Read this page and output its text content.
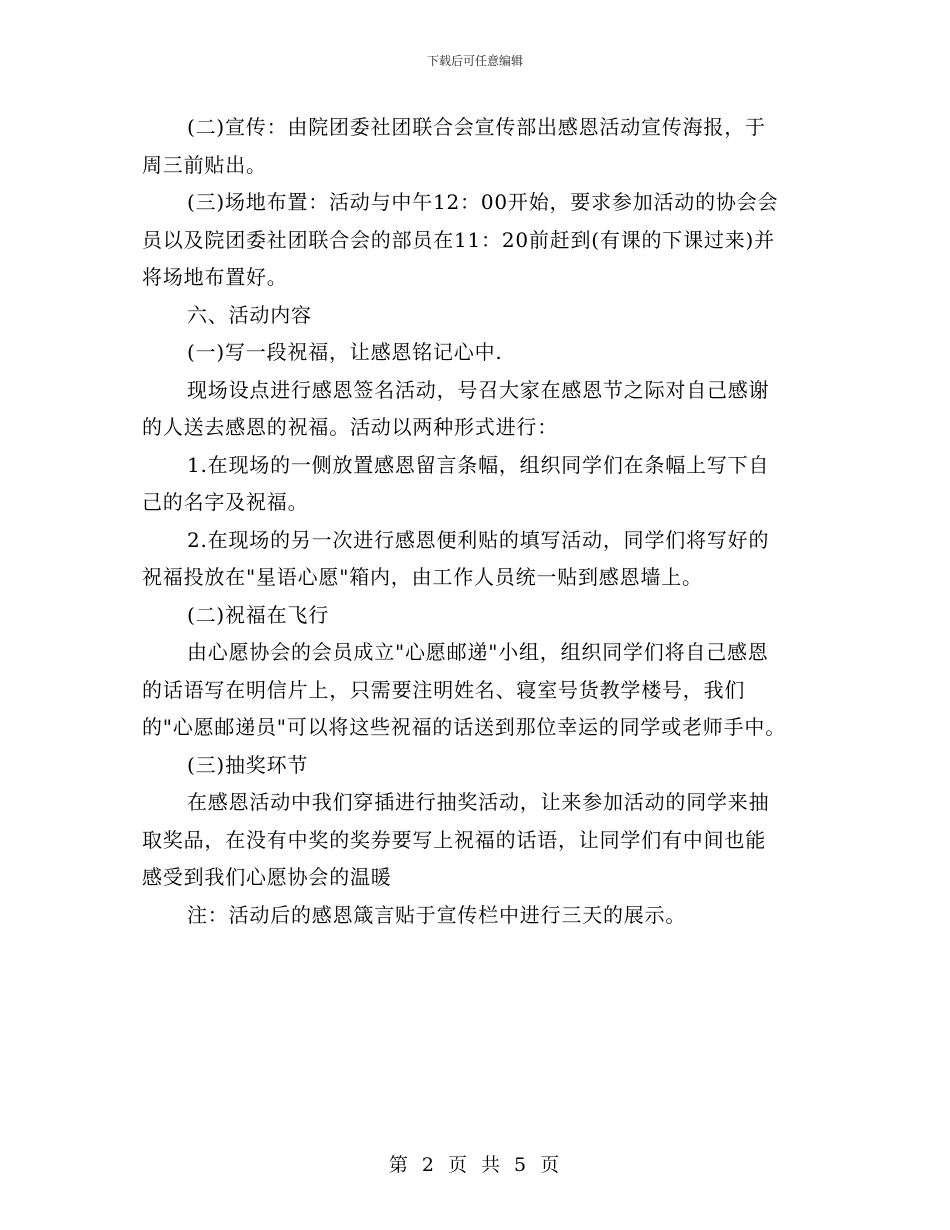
下载后可任意编辑

(二)宣传：由院团委社团联合会宣传部出感恩活动宣传海报，于
周三前贴出。

(三)场地布置：活动与中午12：00开始，要求参加活动的协会会
员以及院团委社团联合会的部员在11：20前赶到(有课的下课过来)并
将场地布置好。

六、活动内容

(一)写一段祝福，让感恩铭记心中.

现场设点进行感恩签名活动，号召大家在感恩节之际对自己感谢
的人送去感恩的祝福。活动以两种形式进行：

1.在现场的一侧放置感恩留言条幅，组织同学们在条幅上写下自
己的名字及祝福。

2.在现场的另一次进行感恩便利贴的填写活动，同学们将写好的
祝福投放在"星语心愿"箱内，由工作人员统一贴到感恩墙上。

(二)祝福在飞行

由心愿协会的会员成立"心愿邮递"小组，组织同学们将自己感恩
的话语写在明信片上，只需要注明姓名、寝室号货教学楼号，我们
的"心愿邮递员"可以将这些祝福的话送到那位幸运的同学或老师手中。

(三)抽奖环节

在感恩活动中我们穿插进行抽奖活动，让来参加活动的同学来抽
取奖品，在没有中奖的奖券要写上祝福的话语，让同学们有中间也能
感受到我们心愿协会的温暖

注：活动后的感恩箴言贴于宣传栏中进行三天的展示。

第 2 页 共 5 页
